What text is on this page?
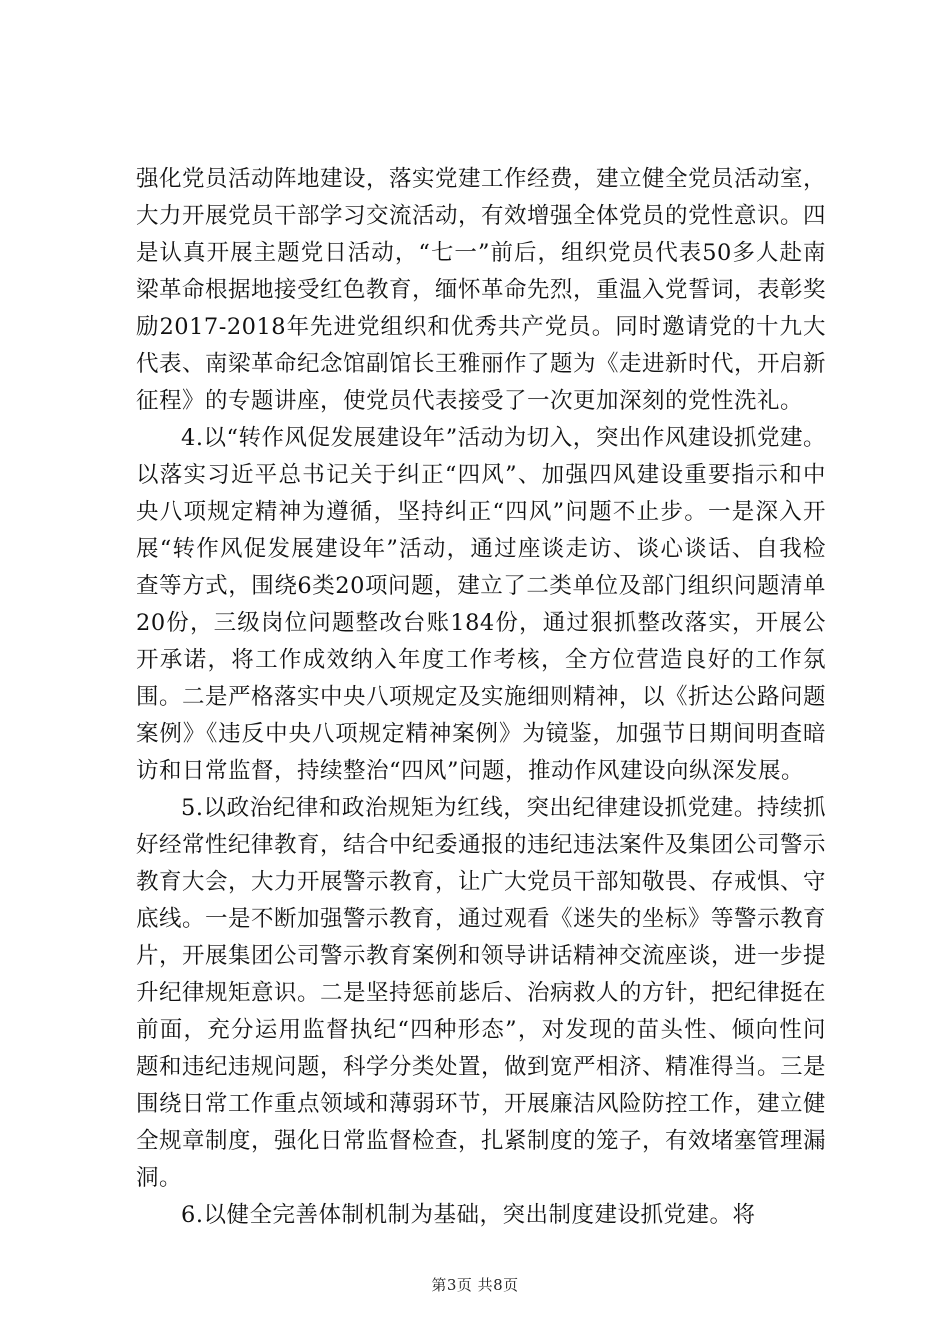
强化党员活动阵地建设，落实党建工作经费，建立健全党员活动室，大力开展党员干部学习交流活动，有效增强全体党员的党性意识。四是认真开展主题党日活动，“七一”前后，组织党员代表50多人赴南梁革命根据地接受红色教育，缅怀革命先烈，重温入党誓词，表彰奖励2017-2018年先进党组织和优秀共产党员。同时邀请党的十九大代表、南梁革命纪念馆副馆长王雅丽作了题为《走进新时代，开启新征程》的专题讲座，使党员代表接受了一次更加深刻的党性洗礼。

4.以“转作风促发展建设年”活动为切入，突出作风建设抓党建。以落实习近平总书记关于纠正“四风”、加强四风建设重要指示和中央八项规定精神为遵循，坚持纠正“四风”问题不止步。一是深入开展“转作风促发展建设年”活动，通过座谈走访、谈心谈话、自我检查等方式，围绕6类20项问题，建立了二类单位及部门组织问题清单20份，三级岗位问题整改台账184份，通过狠抓整改落实，开展公开承诺，将工作成效纳入年度工作考核，全方位营造良好的工作氛围。二是严格落实中央八项规定及实施细则精神，以《折达公路问题案例》《违反中央八项规定精神案例》为镜鉴，加强节日期间明查暗访和日常监督，持续整治“四风”问题，推动作风建设向纵深发展。

5.以政治纪律和政治规矩为红线，突出纪律建设抓党建。持续抓好经常性纪律教育，结合中纪委通报的违纪违法案件及集团公司警示教育大会，大力开展警示教育，让广大党员干部知敬畏、存戒惧、守底线。一是不断加强警示教育，通过观看《迷失的坐标》等警示教育片，开展集团公司警示教育案例和领导讲话精神交流座谈，进一步提升纪律规矩意识。二是坚持惩前毖后、治病救人的方针，把纪律挺在前面，充分运用监督执纪“四种形态”，对发现的苗头性、倾向性问题和违纪违规问题，科学分类处置，做到宽严相济、精准得当。三是围绕日常工作重点领域和薄弱环节，开展廉洁风险防控工作，建立健全规章制度，强化日常监督检查，扎紧制度的笼子，有效堵塞管理漏洞。

6.以健全完善体制机制为基础，突出制度建设抓党建。将

第3页 共8页
